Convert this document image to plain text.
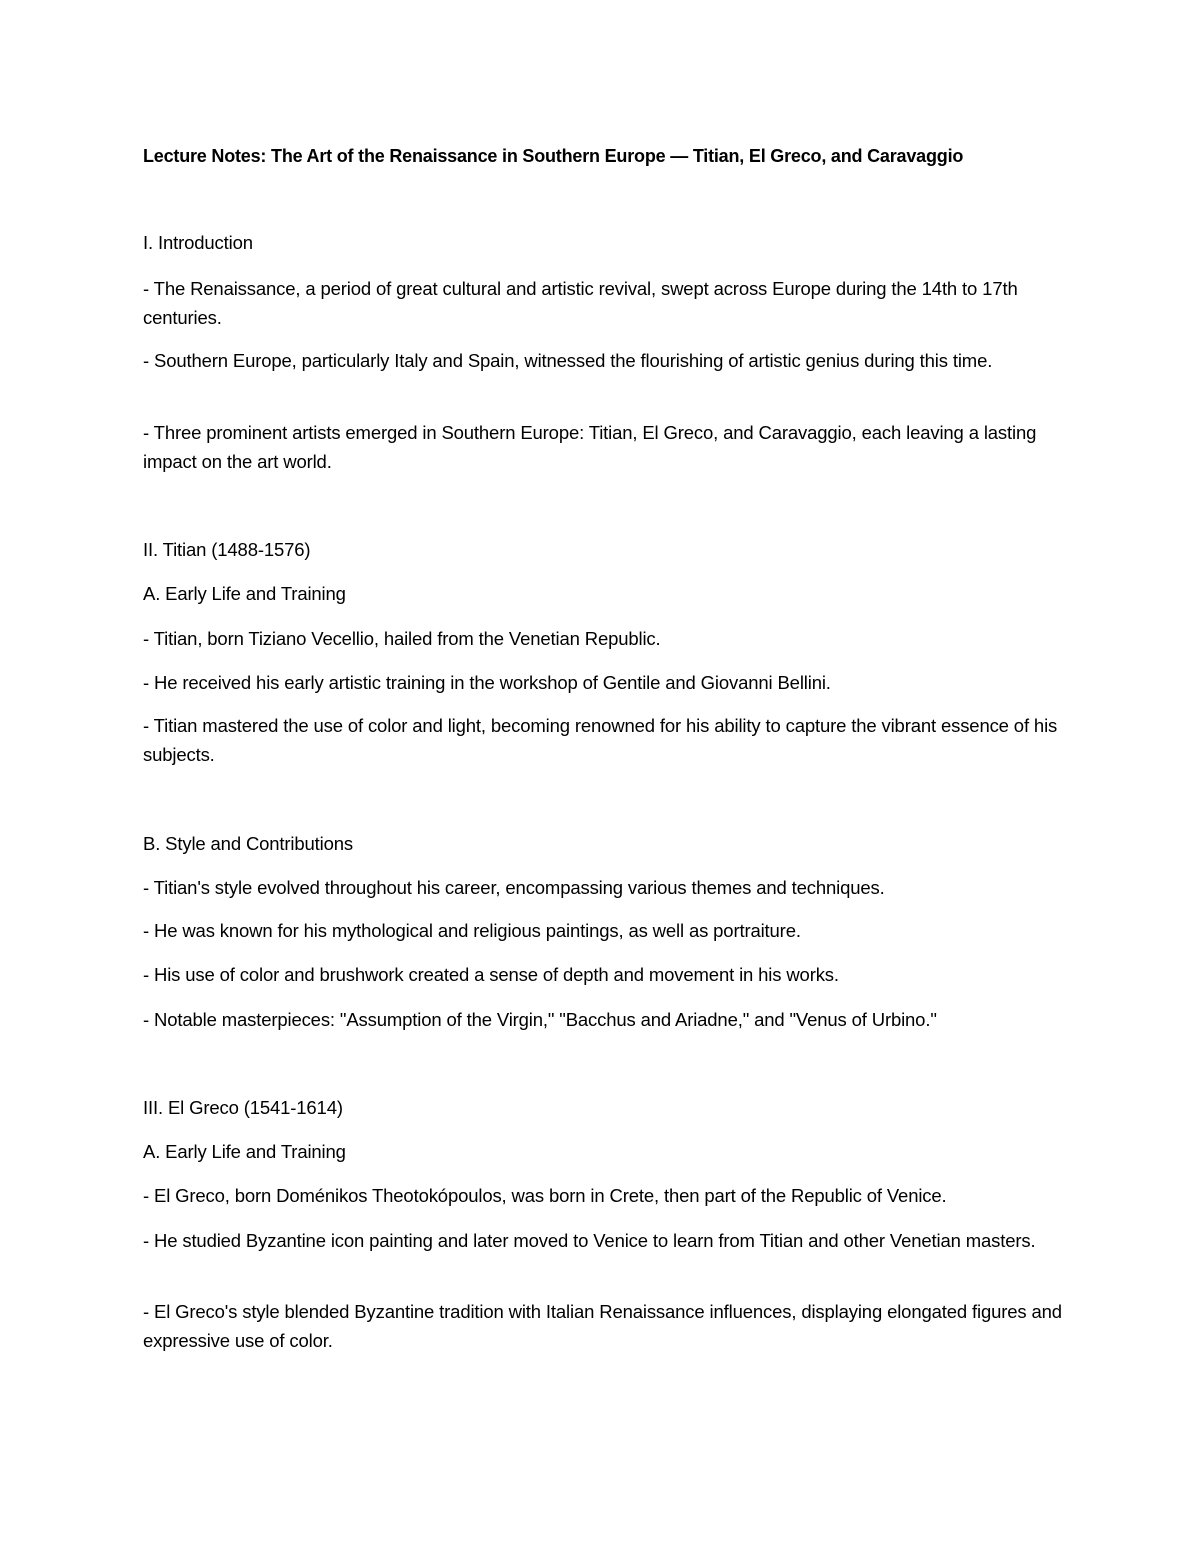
Lecture Notes: The Art of the Renaissance in Southern Europe — Titian, El Greco, and Caravaggio

I. Introduction

- The Renaissance, a period of great cultural and artistic revival, swept across Europe during the 14th to 17th centuries.

- Southern Europe, particularly Italy and Spain, witnessed the flourishing of artistic genius during this time.

- Three prominent artists emerged in Southern Europe: Titian, El Greco, and Caravaggio, each leaving a lasting impact on the art world.

II. Titian (1488-1576)

A. Early Life and Training

- Titian, born Tiziano Vecellio, hailed from the Venetian Republic.

- He received his early artistic training in the workshop of Gentile and Giovanni Bellini.

- Titian mastered the use of color and light, becoming renowned for his ability to capture the vibrant essence of his subjects.

B. Style and Contributions

- Titian's style evolved throughout his career, encompassing various themes and techniques.

- He was known for his mythological and religious paintings, as well as portraiture.

- His use of color and brushwork created a sense of depth and movement in his works.

- Notable masterpieces: "Assumption of the Virgin," "Bacchus and Ariadne," and "Venus of Urbino."

III. El Greco (1541-1614)

A. Early Life and Training

- El Greco, born Doménikos Theotokópoulos, was born in Crete, then part of the Republic of Venice.

- He studied Byzantine icon painting and later moved to Venice to learn from Titian and other Venetian masters.

- El Greco's style blended Byzantine tradition with Italian Renaissance influences, displaying elongated figures and expressive use of color.
